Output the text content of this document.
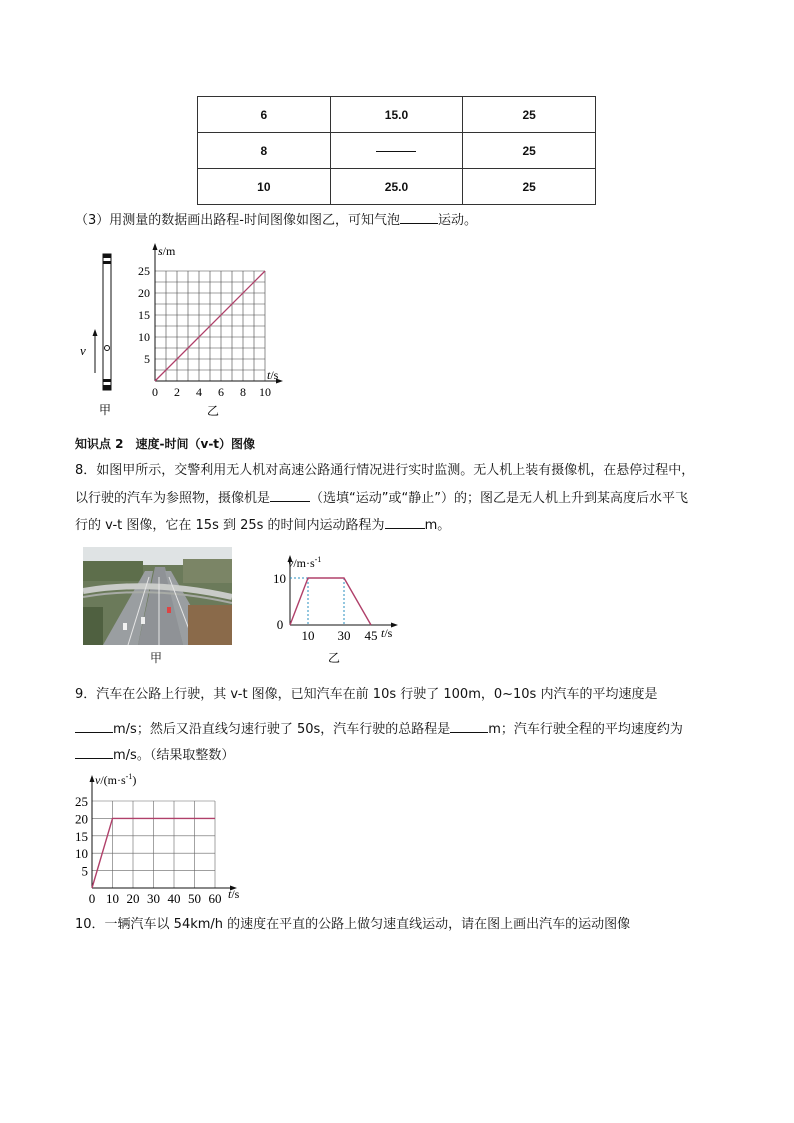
6	15.0	25
8		25
10	25.0	25
（3）用测量的数据画出路程-时间图像如图乙，可知气泡	运动。
v
甲
s/m
t/s
0 2 4 6 8 10
5
10
15
20
25
乙
知识点 2　速度-时间（v-t）图像
8．如图甲所示，交警利用无人机对高速公路通行情况进行实时监测。无人机上装有摄像机，在悬停过程中，
以行驶的汽车为参照物，摄像机是	（选填“运动”或“静止”）的；图乙是无人机上升到某高度后水平飞
行的 v-t 图像，它在 15s 到 25s 的时间内运动路程为	m。
甲
$v/m\cdot s^{-1}$
0
10 30 45
10
t/s
乙
9．汽车在公路上行驶，其 v-t 图像，已知汽车在前 10s 行驶了 100m，0~10s 内汽车的平均速度是
m/s；然后又沿直线匀速行驶了 50s，汽车行驶的总路程是	m；汽车行驶全程的平均速度约为
m/s。（结果取整数）
$v/(m\cdot s^{-1})$
0 10 20 30 40 50 60
5
10
15
20
25
t/s
10．一辆汽车以 54km/h 的速度在平直的公路上做匀速直线运动，请在图上画出汽车的运动图像
